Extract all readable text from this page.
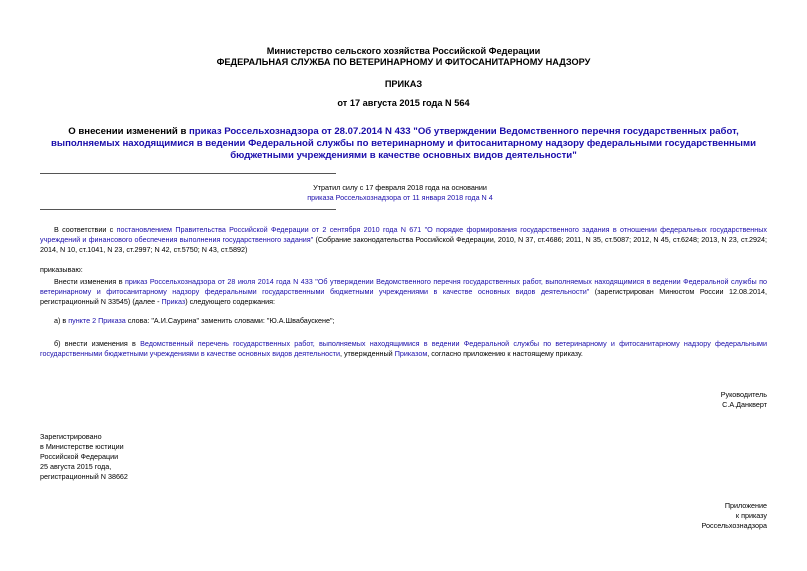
Министерство сельского хозяйства Российской Федерации
ФЕДЕРАЛЬНАЯ СЛУЖБА ПО ВЕТЕРИНАРНОМУ И ФИТОСАНИТАРНОМУ НАДЗОРУ
ПРИКАЗ
от 17 августа 2015 года N 564
О внесении изменений в приказ Россельхознадзора от 28.07.2014 N 433 "Об утверждении Ведомственного перечня государственных работ, выполняемых находящимися в ведении Федеральной службы по ветеринарному и фитосанитарному надзору федеральными государственными бюджетными учреждениями в качестве основных видов деятельности"
Утратил силу с 17 февраля 2018 года на основании
приказа Россельхознадзора от 11 января 2018 года N 4
В соответствии с постановлением Правительства Российской Федерации от 2 сентября 2010 года N 671 "О порядке формирования государственного задания в отношении федеральных государственных учреждений и финансового обеспечения выполнения государственного задания" (Собрание законодательства Российской Федерации, 2010, N 37, ст.4686; 2011, N 35, ст.5087; 2012, N 45, ст.6248; 2013, N 23, ст.2924; 2014, N 10, ст.1041, N 23, ст.2997; N 42, ст.5750; N 43, ст.5892)
приказываю:
Внести изменения в приказ Россельхознадзора от 28 июля 2014 года N 433 "Об утверждении Ведомственного перечня государственных работ, выполняемых находящимися в ведении Федеральной службы по ветеринарному и фитосанитарному надзору федеральными государственными бюджетными учреждениями в качестве основных видов деятельности" (зарегистрирован Минюстом России 12.08.2014, регистрационный N 33545) (далее - Приказ) следующего содержания:
а) в пункте 2 Приказа слова: "А.И.Саурина" заменить словами: "Ю.А.Швабаускене";
б) внести изменения в Ведомственный перечень государственных работ, выполняемых находящимися в ведении Федеральной службы по ветеринарному и фитосанитарному надзору федеральными государственными бюджетными учреждениями в качестве основных видов деятельности, утвержденный Приказом, согласно приложению к настоящему приказу.
Руководитель
С.А.Данкверт
Зарегистрировано
в Министерстве юстиции
Российской Федерации
25 августа 2015 года,
регистрационный N 38662
Приложение
к приказу
Россельхознадзора
